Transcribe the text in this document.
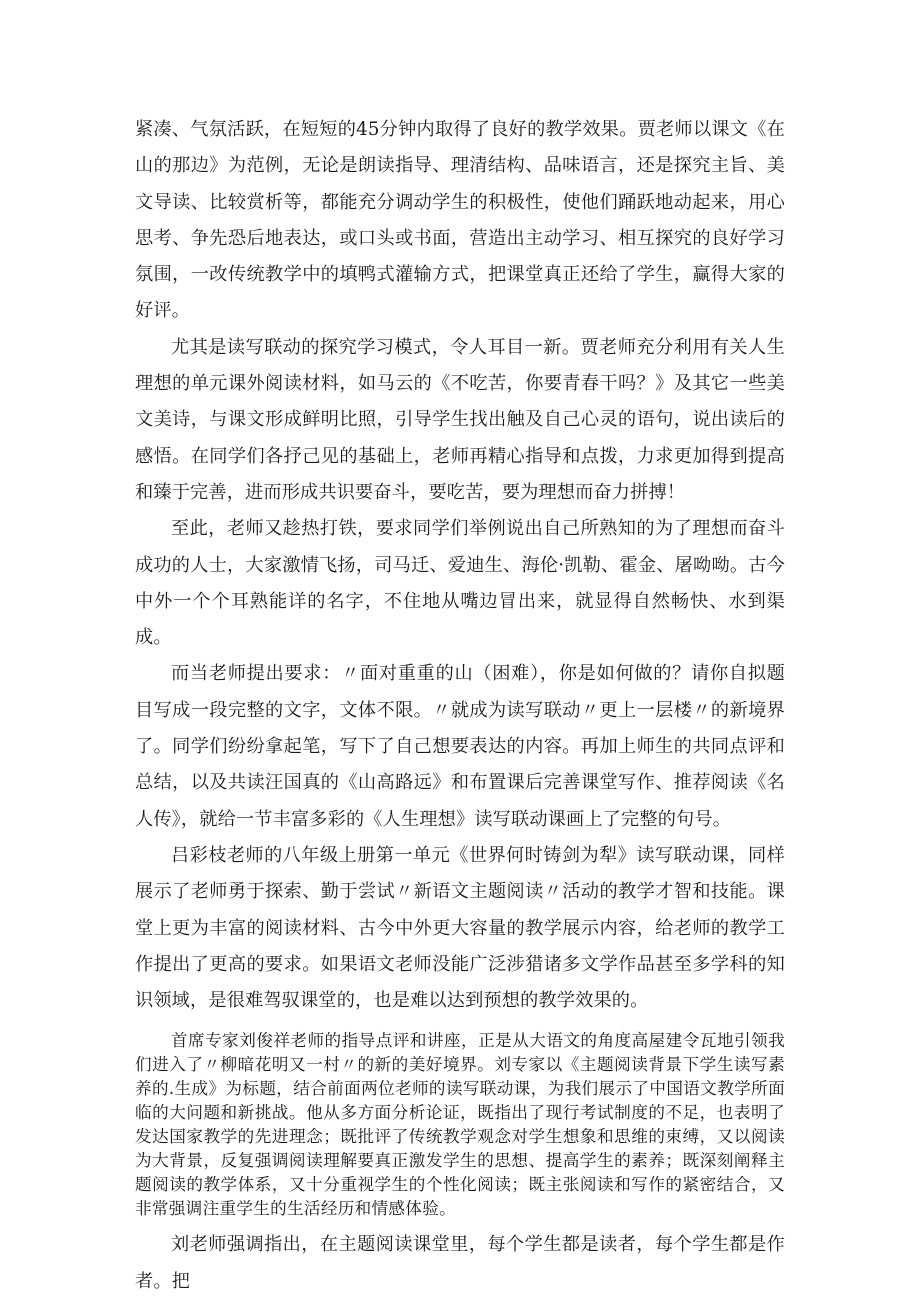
紧凑、气氛活跃，在短短的45分钟内取得了良好的教学效果。贾老师以课文《在山的那边》为范例，无论是朗读指导、理清结构、品味语言，还是探究主旨、美文导读、比较赏析等，都能充分调动学生的积极性，使他们踊跃地动起来，用心思考、争先恐后地表达，或口头或书面，营造出主动学习、相互探究的良好学习氛围，一改传统教学中的填鸭式灌输方式，把课堂真正还给了学生，赢得大家的好评。

尤其是读写联动的探究学习模式，令人耳目一新。贾老师充分利用有关人生理想的单元课外阅读材料，如马云的《不吃苦，你要青春干吗？》及其它一些美文美诗，与课文形成鲜明比照，引导学生找出触及自己心灵的语句，说出读后的感悟。在同学们各抒己见的基础上，老师再精心指导和点拨，力求更加得到提高和臻于完善，进而形成共识要奋斗，要吃苦，要为理想而奋力拼搏！

至此，老师又趁热打铁，要求同学们举例说出自己所熟知的为了理想而奋斗成功的人士，大家激情飞扬，司马迁、爱迪生、海伦·凯勒、霍金、屠呦呦。古今中外一个个耳熟能详的名字，不住地从嘴边冒出来，就显得自然畅快、水到渠成。

而当老师提出要求：〃面对重重的山（困难），你是如何做的？请你自拟题目写成一段完整的文字，文体不限。〃就成为读写联动〃更上一层楼〃的新境界了。同学们纷纷拿起笔，写下了自己想要表达的内容。再加上师生的共同点评和总结，以及共读汪国真的《山高路远》和布置课后完善课堂写作、推荐阅读《名人传》，就给一节丰富多彩的《人生理想》读写联动课画上了完整的句号。

吕彩枝老师的八年级上册第一单元《世界何时铸剑为犁》读写联动课，同样展示了老师勇于探索、勤于尝试〃新语文主题阅读〃活动的教学才智和技能。课堂上更为丰富的阅读材料、古今中外更大容量的教学展示内容，给老师的教学工作提出了更高的要求。如果语文老师没能广泛涉猎诸多文学作品甚至多学科的知识领域，是很难驾驭课堂的，也是难以达到预想的教学效果的。

首席专家刘俊祥老师的指导点评和讲座，正是从大语文的角度高屋建令瓦地引领我们进入了〃柳暗花明又一村〃的新的美好境界。刘专家以《主题阅读背景下学生读写素养的.生成》为标题，结合前面两位老师的读写联动课，为我们展示了中国语文教学所面临的大问题和新挑战。他从多方面分析论证，既指出了现行考试制度的不足，也表明了发达国家教学的先进理念；既批评了传统教学观念对学生想象和思维的束缚，又以阅读为大背景，反复强调阅读理解要真正激发学生的思想、提高学生的素养；既深刻阐释主题阅读的教学体系，又十分重视学生的个性化阅读；既主张阅读和写作的紧密结合，又非常强调注重学生的生活经历和情感体验。

刘老师强调指出，在主题阅读课堂里，每个学生都是读者，每个学生都是作者。把
